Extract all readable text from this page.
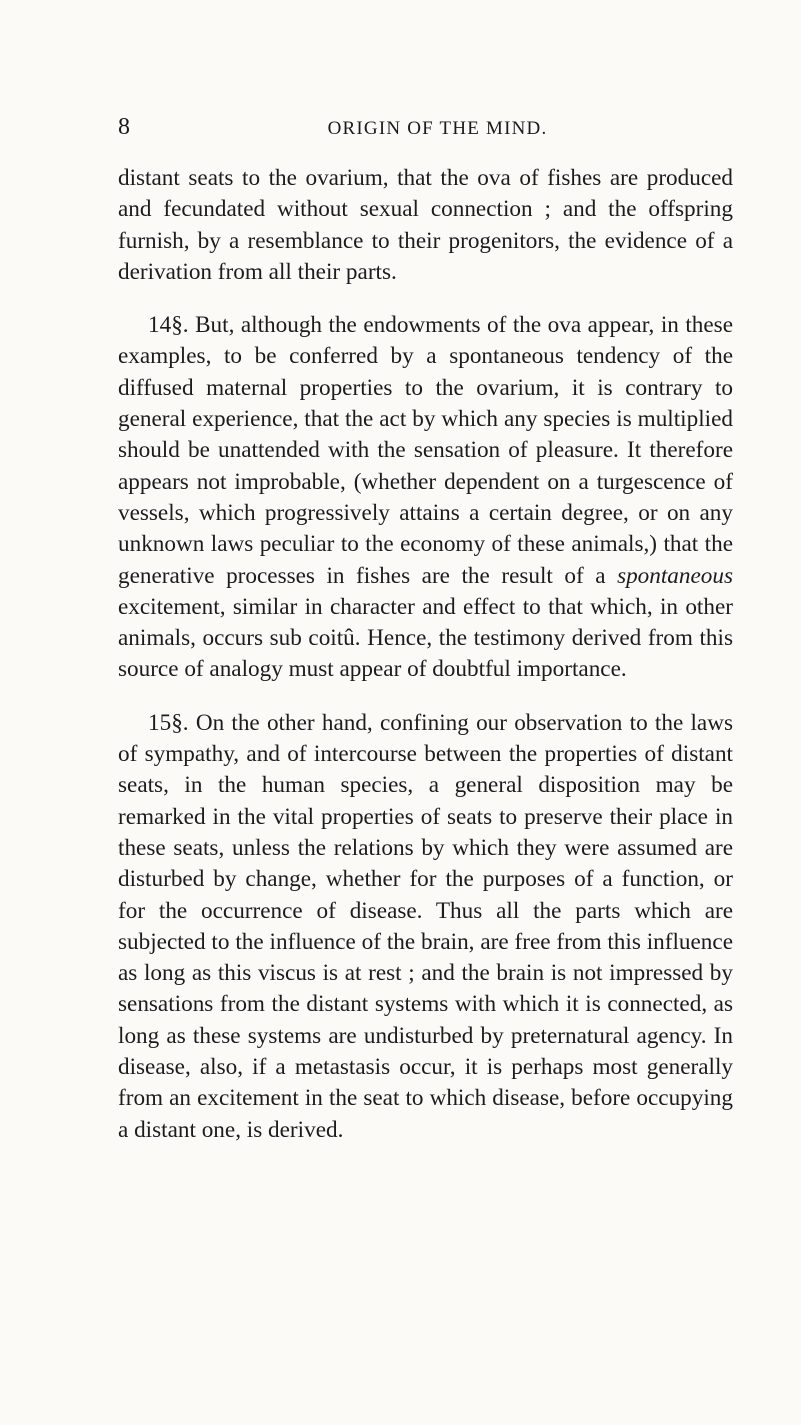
8	ORIGIN OF THE MIND.

distant seats to the ovarium, that the ova of fishes are produced and fecundated without sexual connection ; and the offspring furnish, by a resemblance to their progenitors, the evidence of a derivation from all their parts.

14§. But, although the endowments of the ova appear, in these examples, to be conferred by a spontaneous tendency of the diffused maternal properties to the ovarium, it is contrary to general experience, that the act by which any species is multiplied should be unattended with the sensation of pleasure. It therefore appears not improbable, (whether dependent on a turgescence of vessels, which progressively attains a certain degree, or on any unknown laws peculiar to the economy of these animals,) that the generative processes in fishes are the result of a spontaneous excitement, similar in character and effect to that which, in other animals, occurs sub coitû. Hence, the testimony derived from this source of analogy must appear of doubtful importance.

15§. On the other hand, confining our observation to the laws of sympathy, and of intercourse between the properties of distant seats, in the human species, a general disposition may be remarked in the vital properties of seats to preserve their place in these seats, unless the relations by which they were assumed are disturbed by change, whether for the purposes of a function, or for the occurrence of disease. Thus all the parts which are subjected to the influence of the brain, are free from this influence as long as this viscus is at rest ; and the brain is not impressed by sensations from the distant systems with which it is connected, as long as these systems are undisturbed by preternatural agency. In disease, also, if a metastasis occur, it is perhaps most generally from an excitement in the seat to which disease, before occupying a distant one, is derived.
